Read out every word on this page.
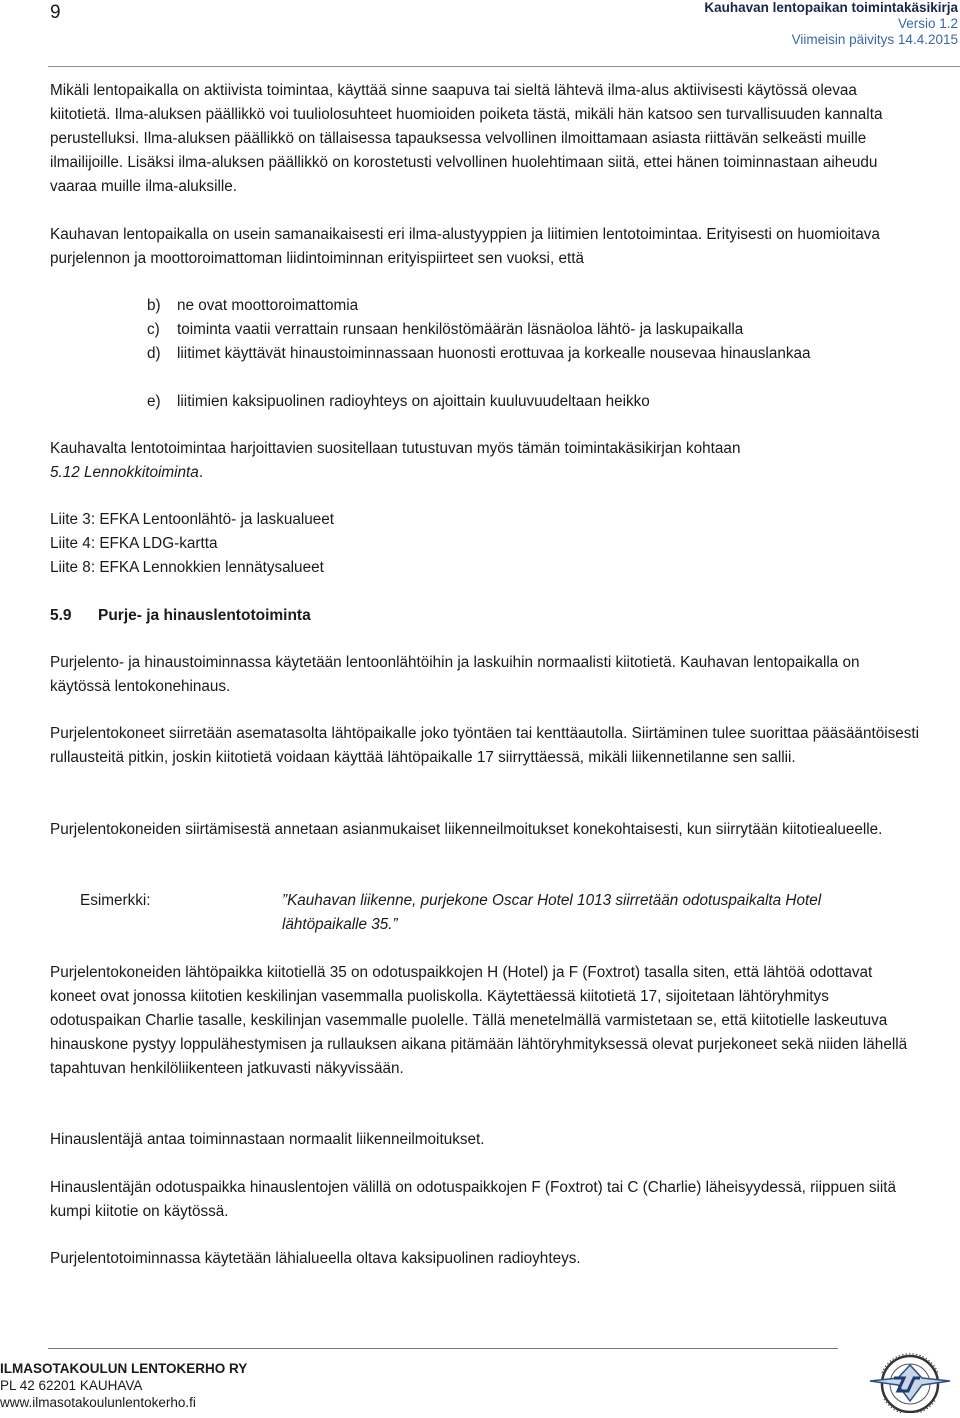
9	Kauhavan lentopaikan toimintakäsikirja
Versio 1.2
Viimeisin päivitys 14.4.2015

Mikäli lentopaikalla on aktiivista toimintaa, käyttää sinne saapuva tai sieltä lähtevä ilma-alus aktiivisesti käytössä olevaa kiitotietä. Ilma-aluksen päällikkö voi tuuliolosuhteet huomioiden poiketa tästä, mikäli hän katsoo sen turvallisuuden kannalta perustelluksi. Ilma-aluksen päällikkö on tällaisessa tapauksessa velvollinen ilmoittamaan asiasta riittävän selkeästi muille ilmailijoille. Lisäksi ilma-aluksen päällikkö on korostetusti velvollinen huolehtimaan siitä, ettei hänen toiminnastaan aiheudu vaaraa muille ilma-aluksille.

Kauhavan lentopaikalla on usein samanaikaisesti eri ilma-alustyyppien ja liitimien lentotoimintaa. Erityisesti on huomioitava purjelennon ja moottoroimattoman liidintoiminnan erityispiirteet sen vuoksi, että

b)	ne ovat moottoroimattomia
c)	toiminta vaatii verrattain runsaan henkilöstömäärän läsnäoloa lähtö- ja laskupaikalla
d)	liitimet käyttävät hinaustoiminnassaan huonosti erottuvaa ja korkealle nousevaa hinauslankaa
e)	liitimien kaksipuolinen radioyhteys on ajoittain kuuluvuudeltaan heikko

Kauhavalta lentotoimintaa harjoittavien suositellaan tutustuvan myös tämän toimintakäsikirjan kohtaan
5.12 Lennokkitoiminta.

Liite 3: EFKA Lentoonlähtö- ja laskualueet
Liite 4: EFKA LDG-kartta
Liite 8: EFKA Lennokkien lennätysalueet
5.9 Purje- ja hinauslentotoiminta

Purjelento- ja hinaustoiminnassa käytetään lentoonlähtöihin ja laskuihin normaalisti kiitotietä. Kauhavan lentopaikalla on käytössä lentokonehinaus.

Purjelentokoneet siirretään asematasolta lähtöpaikalle joko työntäen tai kenttäautolla. Siirtäminen tulee suorittaa pääsääntöisesti rullausteitä pitkin, joskin kiitotietä voidaan käyttää lähtöpaikalle 17 siirryttäessä, mikäli liikennetilanne sen sallii.

Purjelentokoneiden siirtämisestä annetaan asianmukaiset liikenneilmoitukset konekohtaisesti, kun siirrytään kiitotiealueelle.

Esimerkki:	”Kauhavan liikenne, purjekone Oscar Hotel 1013 siirretään odotuspaikalta Hotel lähtöpaikalle 35.”

Purjelentokoneiden lähtöpaikka kiitotiellä 35 on odotuspaikkojen H (Hotel) ja F (Foxtrot) tasalla siten, että lähtöä odottavat koneet ovat jonossa kiitotien keskilinjan vasemmalla puoliskolla. Käytettäessä kiitotietä 17, sijoitetaan lähtöryhmitys odotuspaikan Charlie tasalle, keskilinjan vasemmalle puolelle. Tällä menetelmällä varmistetaan se, että kiitotielle laskeutuva hinauskone pystyy loppulähestymisen ja rullauksen aikana pitämään lähtöryhmityksessä olevat purjekoneet sekä niiden lähellä tapahtuvan henkilöliikenteen jatkuvasti näkyvissään.

Hinauslentäjä antaa toiminnastaan normaalit liikenneilmoitukset.

Hinauslentäjän odotuspaikka hinauslentojen välillä on odotuspaikkojen F (Foxtrot) tai C (Charlie) läheisyydessä, riippuen siitä kumpi kiitotie on käytössä.

Purjelentotoiminnassa käytetään lähialueella oltava kaksipuolinen radioyhteys.

ILMASOTAKOULUN LENTOKERHO RY
PL 42 62201 KAUHAVA
www.ilmasotakoulunlentokerho.fi
